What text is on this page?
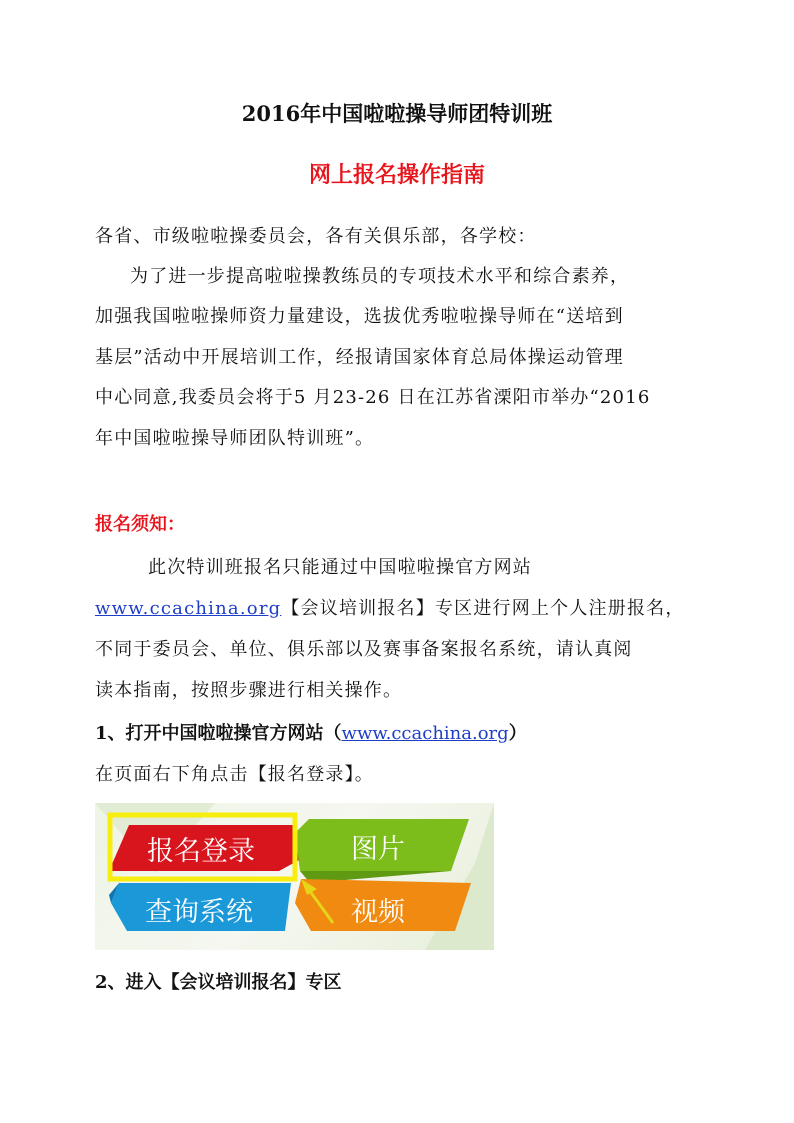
2016年中国啦啦操导师团特训班
网上报名操作指南
各省、市级啦啦操委员会，各有关俱乐部，各学校：
为了进一步提高啦啦操教练员的专项技术水平和综合素养，
加强我国啦啦操师资力量建设，选拔优秀啦啦操导师在“送培到
基层”活动中开展培训工作，经报请国家体育总局体操运动管理
中心同意,我委员会将于5 月23-26 日在江苏省溧阳市举办“2016
年中国啦啦操导师团队特训班”。
报名须知：
此次特训班报名只能通过中国啦啦操官方网站
www.ccachina.org【会议培训报名】专区进行网上个人注册报名，
不同于委员会、单位、俱乐部以及赛事备案报名系统，请认真阅
读本指南，按照步骤进行相关操作。
1、打开中国啦啦操官方网站（www.ccachina.org）
在页面右下角点击【报名登录】。
报名登录	图片
查询系统	视频
2、进入【会议培训报名】专区
